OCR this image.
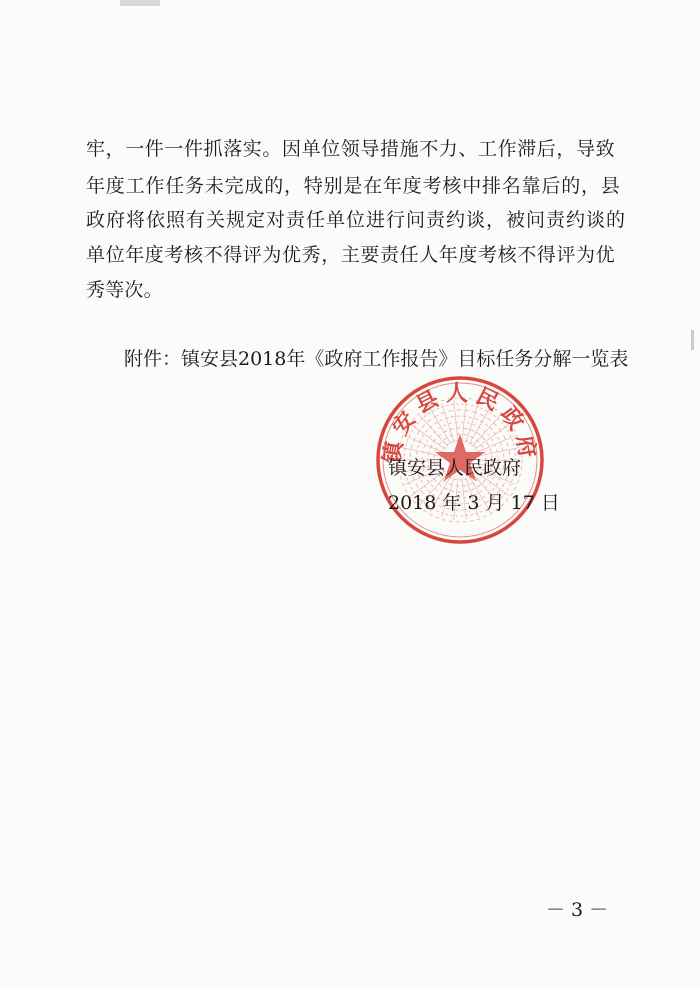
牢，一件一件抓落实。因单位领导措施不力、工作滞后，导致
年度工作任务未完成的，特别是在年度考核中排名靠后的，县
政府将依照有关规定对责任单位进行问责约谈，被问责约谈的
单位年度考核不得评为优秀，主要责任人年度考核不得评为优
秀等次。
附件：镇安县2018年《政府工作报告》目标任务分解一览表
镇安县人民政府
镇安县人民政府
2018 年 3 月 17 日
－ 3 －
